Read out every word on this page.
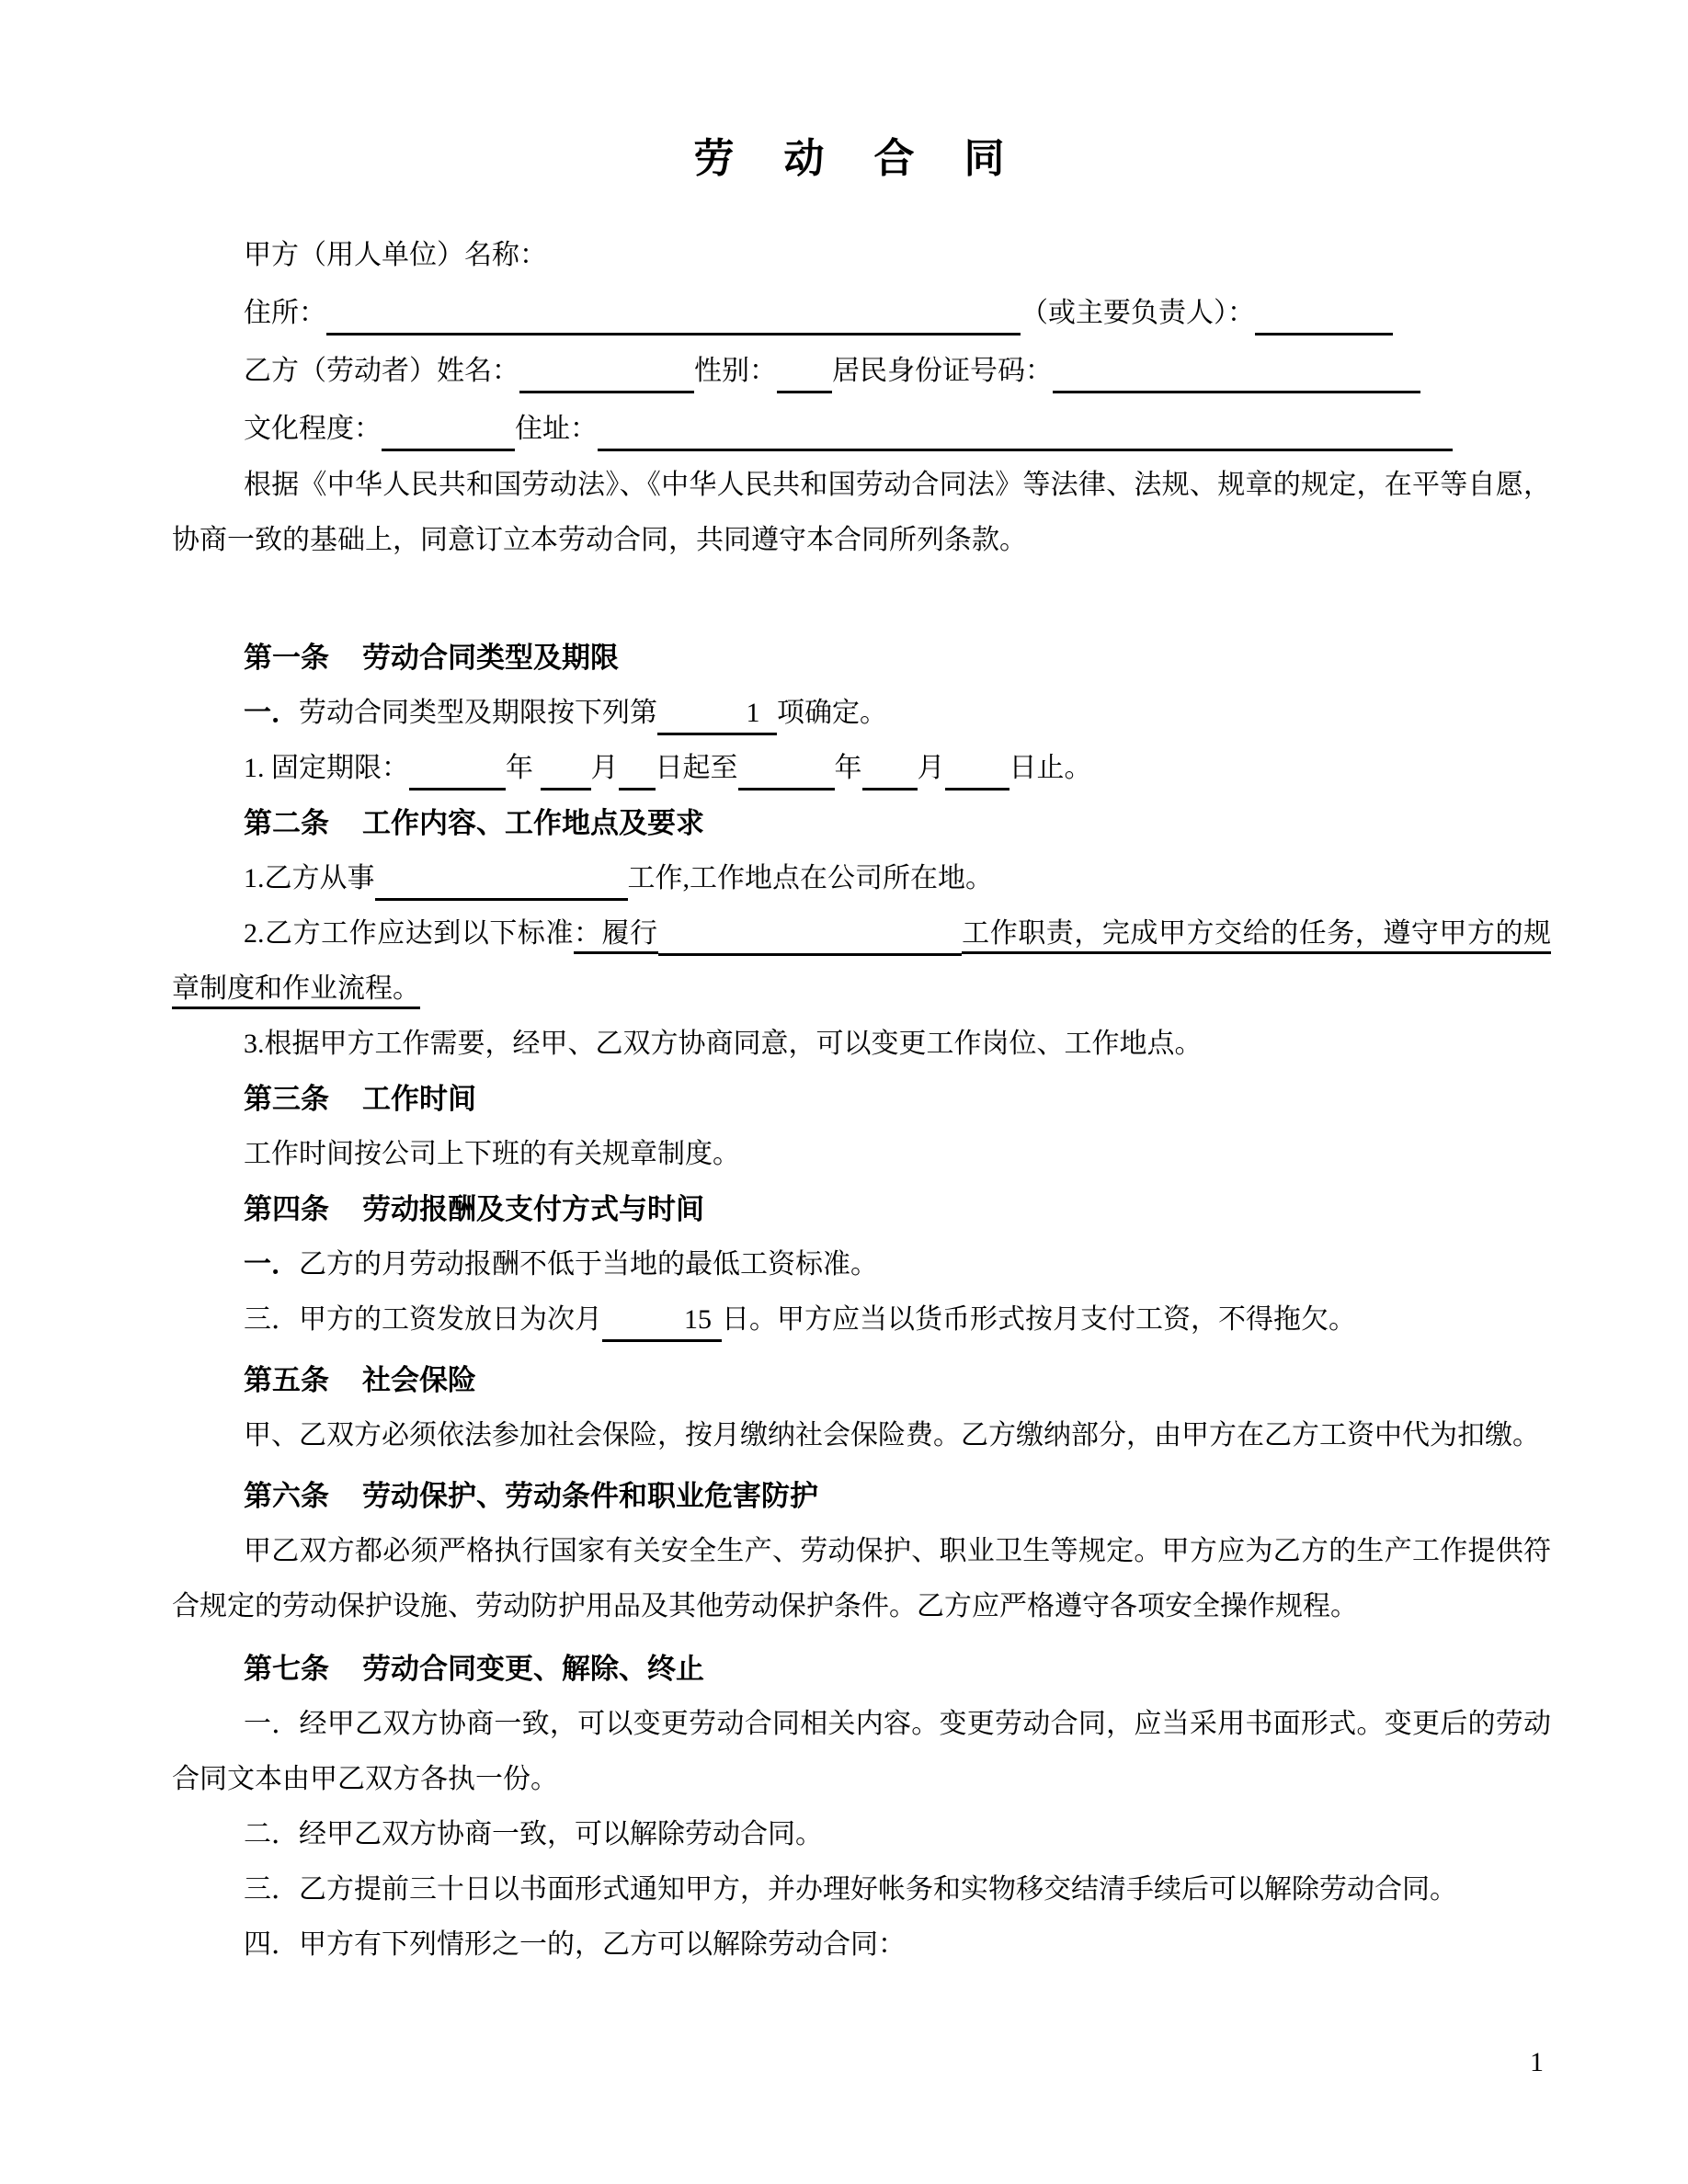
劳动合同
甲方（用人单位）名称：
住所：	（或主要负责人）：
乙方（劳动者）姓名：	性别： 居民身份证号码：
文化程度：	住址：

根据《中华人民共和国劳动法》、《中华人民共和国劳动合同法》等法律、法规、规章的规定，在平等自愿，协商一致的基础上，同意订立本劳动合同，共同遵守本合同所列条款。

第一条 劳动合同类型及期限

一．劳动合同类型及期限按下列第	1 项确定。

1. 固定期限：	年  月 日起至	年 月 日止。

第二条 工作内容、工作地点及要求

1.乙方从事	工作,工作地点在公司所在地。

2.乙方工作应达到以下标准：履行	工作职责，完成甲方交给的任务，遵守甲方的规章制度和作业流程。

3.根据甲方工作需要，经甲、乙双方协商同意，可以变更工作岗位、工作地点。

第三条 工作时间

工作时间按公司上下班的有关规章制度。

第四条 劳动报酬及支付方式与时间

一．乙方的月劳动报酬不低于当地的最低工资标准。

三．甲方的工资发放日为次月	15 日。甲方应当以货币形式按月支付工资，不得拖欠。

第五条 社会保险

甲、乙双方必须依法参加社会保险，按月缴纳社会保险费。乙方缴纳部分，由甲方在乙方工资中代为扣缴。

第六条 劳动保护、劳动条件和职业危害防护

甲乙双方都必须严格执行国家有关安全生产、劳动保护、职业卫生等规定。甲方应为乙方的生产工作提供符合规定的劳动保护设施、劳动防护用品及其他劳动保护条件。乙方应严格遵守各项安全操作规程。

第七条 劳动合同变更、解除、终止

一．经甲乙双方协商一致，可以变更劳动合同相关内容。变更劳动合同，应当采用书面形式。变更后的劳动合同文本由甲乙双方各执一份。

二．经甲乙双方协商一致，可以解除劳动合同。

三．乙方提前三十日以书面形式通知甲方，并办理好帐务和实物移交结清手续后可以解除劳动合同。

四．甲方有下列情形之一的，乙方可以解除劳动合同：

1
